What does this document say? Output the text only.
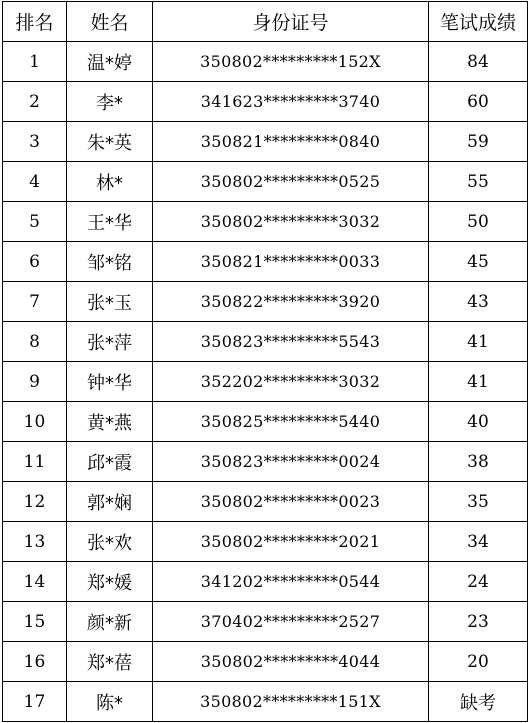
排名	姓名	身份证号	笔试成绩
1	温*婷	350802*********152X	84
2	李*	341623*********3740	60
3	朱*英	350821*********0840	59
4	林*	350802*********0525	55
5	王*华	350802*********3032	50
6	邹*铭	350821*********0033	45
7	张*玉	350822*********3920	43
8	张*萍	350823*********5543	41
9	钟*华	352202*********3032	41
10	黄*燕	350825*********5440	40
11	邱*霞	350823*********0024	38
12	郭*娴	350802*********0023	35
13	张*欢	350802*********2021	34
14	郑*媛	341202*********0544	24
15	颜*新	370402*********2527	23
16	郑*蓓	350802*********4044	20
17	陈*	350802*********151X	缺考
